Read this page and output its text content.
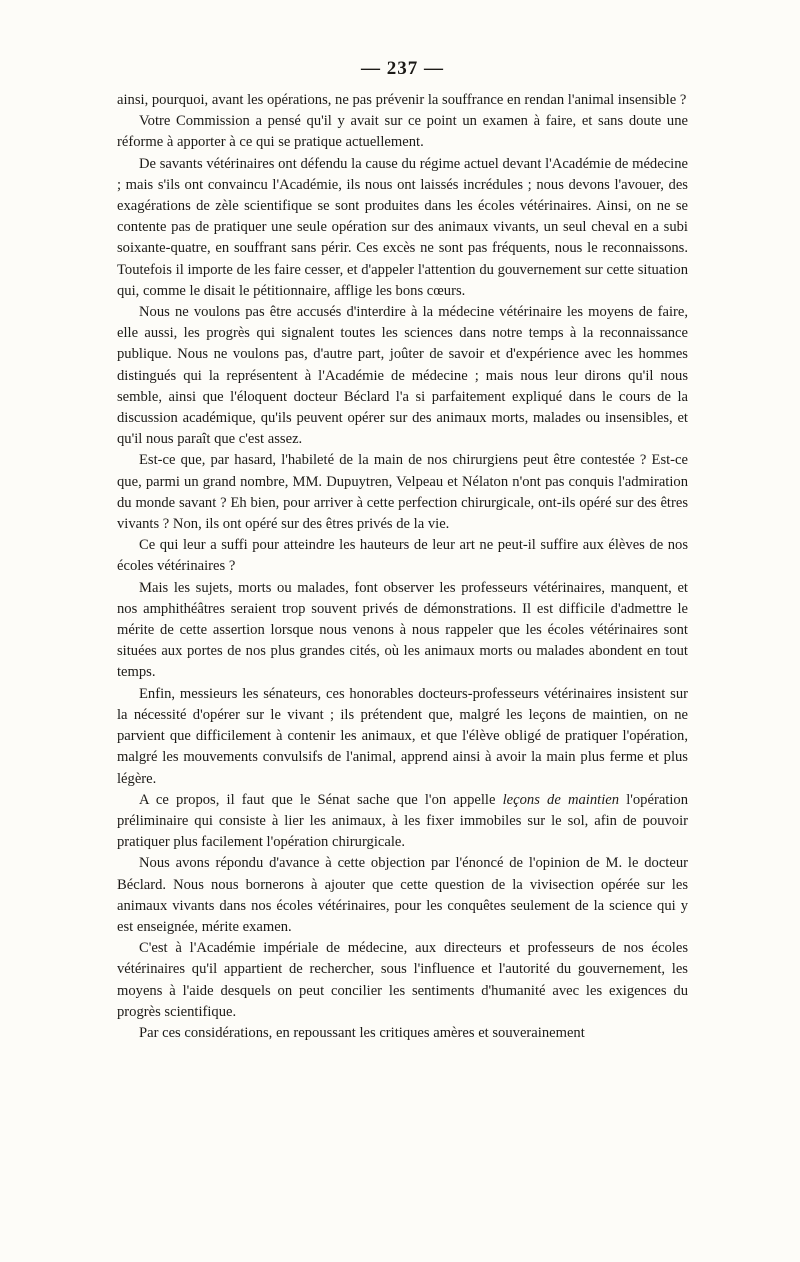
— 237 —

ainsi, pourquoi, avant les opérations, ne pas prévenir la souffrance en rendan l'animal insensible ?

Votre Commission a pensé qu'il y avait sur ce point un examen à faire, et sans doute une réforme à apporter à ce qui se pratique actuellement.

De savants vétérinaires ont défendu la cause du régime actuel devant l'Académie de médecine ; mais s'ils ont convaincu l'Académie, ils nous ont laissés incrédules ; nous devons l'avouer, des exagérations de zèle scientifique se sont produites dans les écoles vétérinaires. Ainsi, on ne se contente pas de pratiquer une seule opération sur des animaux vivants, un seul cheval en a subi soixante-quatre, en souffrant sans périr. Ces excès ne sont pas fréquents, nous le reconnaissons. Toutefois il importe de les faire cesser, et d'appeler l'attention du gouvernement sur cette situation qui, comme le disait le pétitionnaire, afflige les bons cœurs.

Nous ne voulons pas être accusés d'interdire à la médecine vétérinaire les moyens de faire, elle aussi, les progrès qui signalent toutes les sciences dans notre temps à la reconnaissance publique. Nous ne voulons pas, d'autre part, joûter de savoir et d'expérience avec les hommes distingués qui la représentent à l'Académie de médecine ; mais nous leur dirons qu'il nous semble, ainsi que l'éloquent docteur Béclard l'a si parfaitement expliqué dans le cours de la discussion académique, qu'ils peuvent opérer sur des animaux morts, malades ou insensibles, et qu'il nous paraît que c'est assez.

Est-ce que, par hasard, l'habileté de la main de nos chirurgiens peut être contestée ? Est-ce que, parmi un grand nombre, MM. Dupuytren, Velpeau et Nélaton n'ont pas conquis l'admiration du monde savant ? Eh bien, pour arriver à cette perfection chirurgicale, ont-ils opéré sur des êtres vivants ? Non, ils ont opéré sur des êtres privés de la vie.

Ce qui leur a suffi pour atteindre les hauteurs de leur art ne peut-il suffire aux élèves de nos écoles vétérinaires ?

Mais les sujets, morts ou malades, font observer les professeurs vétérinaires, manquent, et nos amphithéâtres seraient trop souvent privés de démonstrations. Il est difficile d'admettre le mérite de cette assertion lorsque nous venons à nous rappeler que les écoles vétérinaires sont situées aux portes de nos plus grandes cités, où les animaux morts ou malades abondent en tout temps.

Enfin, messieurs les sénateurs, ces honorables docteurs-professeurs vétérinaires insistent sur la nécessité d'opérer sur le vivant ; ils prétendent que, malgré les leçons de maintien, on ne parvient que difficilement à contenir les animaux, et que l'élève obligé de pratiquer l'opération, malgré les mouvements convulsifs de l'animal, apprend ainsi à avoir la main plus ferme et plus légère.

A ce propos, il faut que le Sénat sache que l'on appelle leçons de maintien l'opération préliminaire qui consiste à lier les animaux, à les fixer immobiles sur le sol, afin de pouvoir pratiquer plus facilement l'opération chirurgicale.

Nous avons répondu d'avance à cette objection par l'énoncé de l'opinion de M. le docteur Béclard. Nous nous bornerons à ajouter que cette question de la vivisection opérée sur les animaux vivants dans nos écoles vétérinaires, pour les conquêtes seulement de la science qui y est enseignée, mérite examen.

C'est à l'Académie impériale de médecine, aux directeurs et professeurs de nos écoles vétérinaires qu'il appartient de rechercher, sous l'influence et l'autorité du gouvernement, les moyens à l'aide desquels on peut concilier les sentiments d'humanité avec les exigences du progrès scientifique.

Par ces considérations, en repoussant les critiques amères et souverainement
